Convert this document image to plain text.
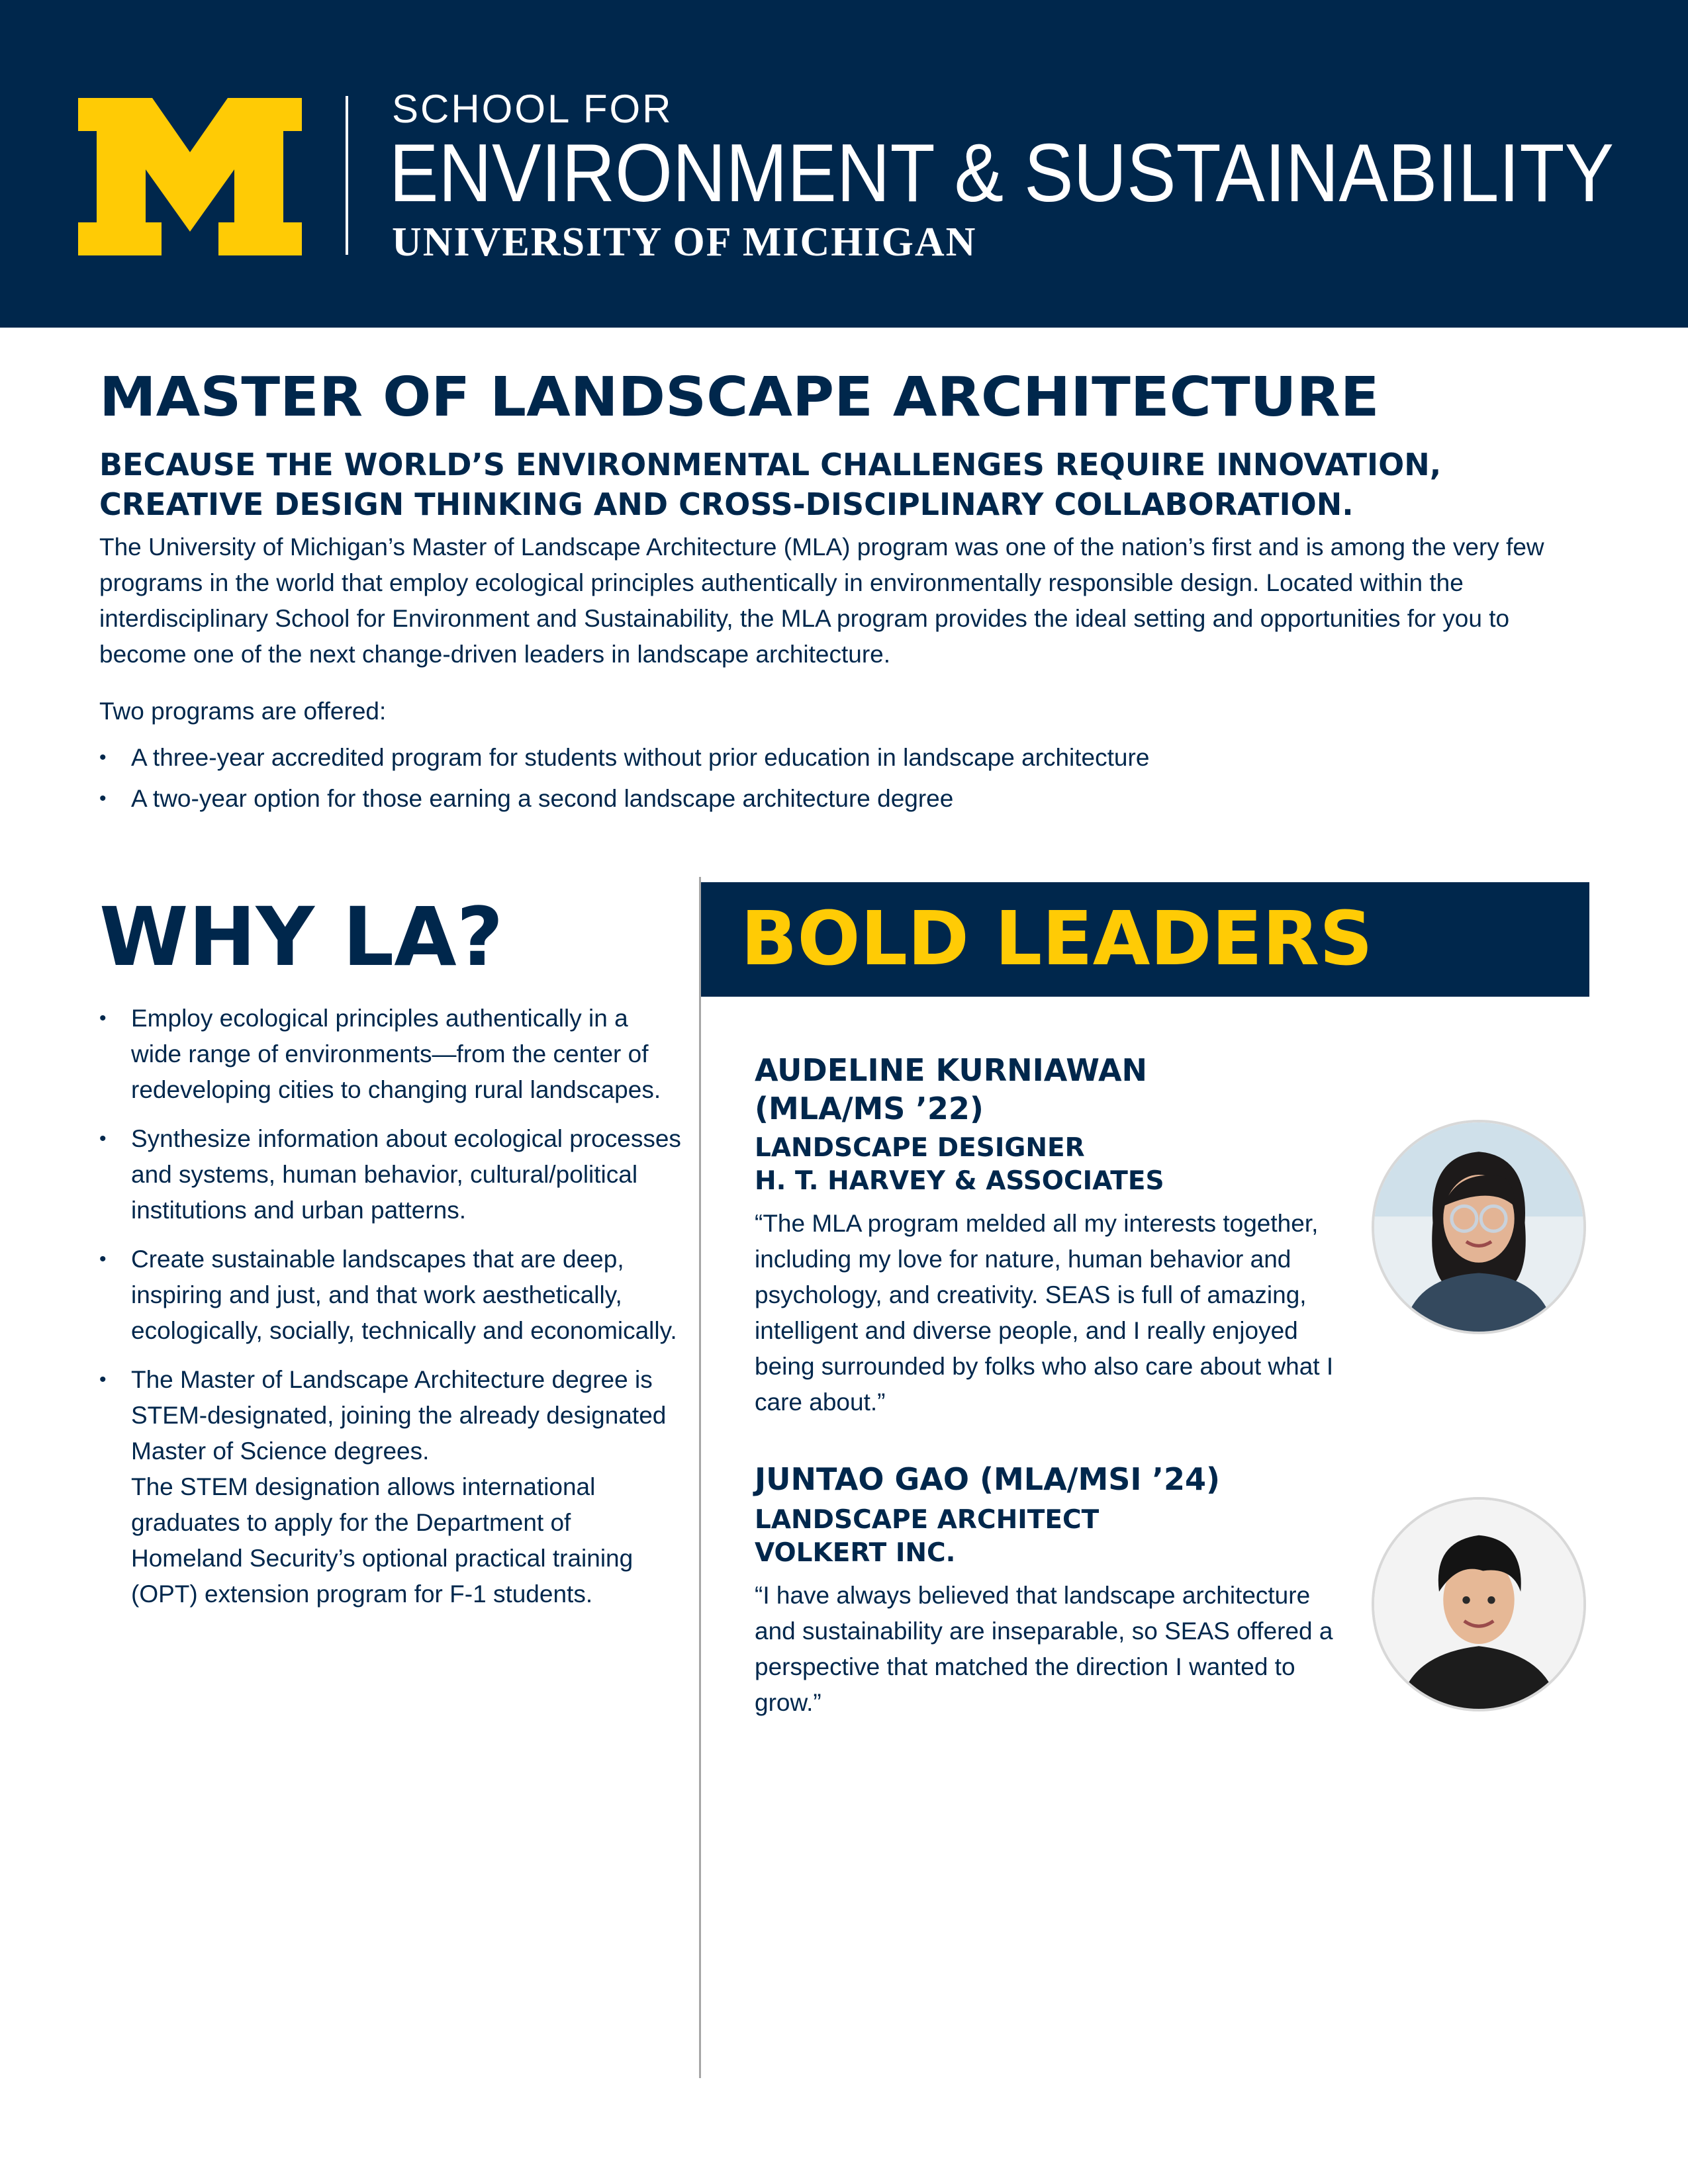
SCHOOL FOR
ENVIRONMENT & SUSTAINABILITY
UNIVERSITY OF MICHIGAN
MASTER OF LANDSCAPE ARCHITECTURE
BECAUSE THE WORLD’S ENVIRONMENTAL CHALLENGES REQUIRE INNOVATION,
CREATIVE DESIGN THINKING AND CROSS-DISCIPLINARY COLLABORATION.

The University of Michigan’s Master of Landscape Architecture (MLA) program was one of the nation’s first and is among the very few programs in the world that employ ecological principles authentically in environmentally responsible design. Located within the interdisciplinary School for Environment and Sustainability, the MLA program provides the ideal setting and opportunities for you to become one of the next change-driven leaders in landscape architecture.

Two programs are offered:

• A three-year accredited program for students without prior education in landscape architecture
• A two-year option for those earning a second landscape architecture degree
WHY LA?
• Employ ecological principles authentically in a wide range of environments—from the center of redeveloping cities to changing rural landscapes.
• Synthesize information about ecological processes and systems, human behavior, cultural/political institutions and urban patterns.
• Create sustainable landscapes that are deep, inspiring and just, and that work aesthetically, ecologically, socially, technically and economically.
• The Master of Landscape Architecture degree is STEM-designated, joining the already designated Master of Science degrees.
The STEM designation allows international graduates to apply for the Department of Homeland Security’s optional practical training (OPT) extension program for F-1 students.
BOLD LEADERS
AUDELINE KURNIAWAN
(MLA/MS ’22)
LANDSCAPE DESIGNER
H. T. HARVEY & ASSOCIATES

“The MLA program melded all my interests together, including my love for nature, human behavior and psychology, and creativity. SEAS is full of amazing, intelligent and diverse people, and I really enjoyed being surrounded by folks who also care about what I care about.”

JUNTAO GAO (MLA/MSI ’24)
LANDSCAPE ARCHITECT
VOLKERT INC.

“I have always believed that landscape architecture and sustainability are inseparable, so SEAS offered a perspective that matched the direction I wanted to grow.”
